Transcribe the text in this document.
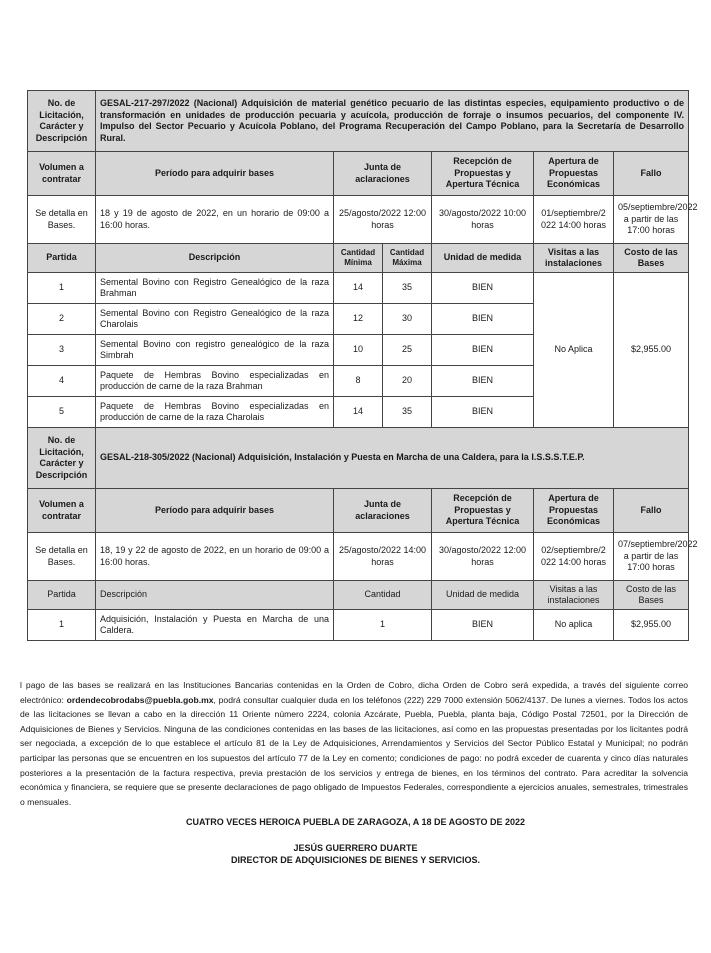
No. de Licitación, Carácter y Descripción	GESAL-217-297/2022 (Nacional) Adquisición de material genético pecuario de las distintas especies, equipamiento productivo o de transformación en unidades de producción pecuaria y acuícola, producción de forraje o insumos pecuarios, del componente IV. Impulso del Sector Pecuario y Acuícola Poblano, del Programa Recuperación del Campo Poblano, para la Secretaría de Desarrollo Rural.					
Volumen a contratar	Período para adquirir bases	Junta de aclaraciones		Recepción de Propuestas y Apertura Técnica	Apertura de Propuestas Económicas	Fallo
Se detalla en Bases.	18 y 19 de agosto de 2022, en un horario de 09:00 a 16:00 horas.	25/agosto/2022 12:00 horas		30/agosto/2022 10:00 horas	01/septiembre/2 022 14:00 horas	05/septiembre/2022 a partir de las 17:00 horas
Partida	Descripción	Cantidad Mínima	Cantidad Máxima	Unidad de medida	Visitas a las instalaciones	Costo de las Bases
1	Semental Bovino con Registro Genealógico de la raza Brahman	14	35	BIEN	No Aplica	$2,955.00
2	Semental Bovino con Registro Genealógico de la raza Charolais	12	30	BIEN		
3	Semental Bovino con registro genealógico de la raza Simbrah	10	25	BIEN		
4	Paquete de Hembras Bovino especializadas en producción de carne de la raza Brahman	8	20	BIEN		
5	Paquete de Hembras Bovino especializadas en producción de carne de la raza Charolais	14	35	BIEN		
No. de Licitación, Carácter y Descripción	GESAL-218-305/2022 (Nacional) Adquisición, Instalación y Puesta en Marcha de una Caldera, para la I.S.S.S.T.E.P.					
Volumen a contratar	Período para adquirir bases	Junta de aclaraciones		Recepción de Propuestas y Apertura Técnica	Apertura de Propuestas Económicas	Fallo
Se detalla en Bases.	18, 19 y 22 de agosto de 2022, en un horario de 09:00 a 16:00 horas.	25/agosto/2022 14:00 horas		30/agosto/2022 12:00 horas	02/septiembre/2 022 14:00 horas	07/septiembre/2022 a partir de las 17:00 horas
Partida	Descripción	Cantidad		Unidad de medida	Visitas a las instalaciones	Costo de las Bases
1	Adquisición, Instalación y Puesta en Marcha de una Caldera.	1		BIEN	No aplica	$2,955.00
l pago de las bases se realizará en las Instituciones Bancarias contenidas en la Orden de Cobro, dicha Orden de Cobro será expedida, a través del siguiente correo electrónico: ordendecobrodabs@puebla.gob.mx, podrá consultar cualquier duda en los teléfonos (222) 229 7000 extensión 5062/4137. De lunes a viernes. Todos los actos de las licitaciones se llevan a cabo en la dirección 11 Oriente número 2224, colonia Azcárate, Puebla, Puebla, planta baja, Código Postal 72501, por la Dirección de Adquisiciones de Bienes y Servicios. Ninguna de las condiciones contenidas en las bases de las licitaciones, así como en las propuestas presentadas por los licitantes podrá ser negociada, a excepción de lo que establece el artículo 81 de la Ley de Adquisiciones, Arrendamientos y Servicios del Sector Público Estatal y Municipal; no podrán participar las personas que se encuentren en los supuestos del artículo 77 de la Ley en comento; condiciones de pago: no podrá exceder de cuarenta y cinco días naturales posteriores a la presentación de la factura respectiva, previa prestación de los servicios y entrega de bienes, en los términos del contrato. Para acreditar la solvencia económica y financiera, se requiere que se presente declaraciones de pago obligado de Impuestos Federales, correspondiente a ejercicios anuales, semestrales, trimestrales o mensuales.
CUATRO VECES HEROICA PUEBLA DE ZARAGOZA, A 18 DE AGOSTO DE 2022
JESÚS GUERRERO DUARTE
DIRECTOR DE ADQUISICIONES DE BIENES Y SERVICIOS.
